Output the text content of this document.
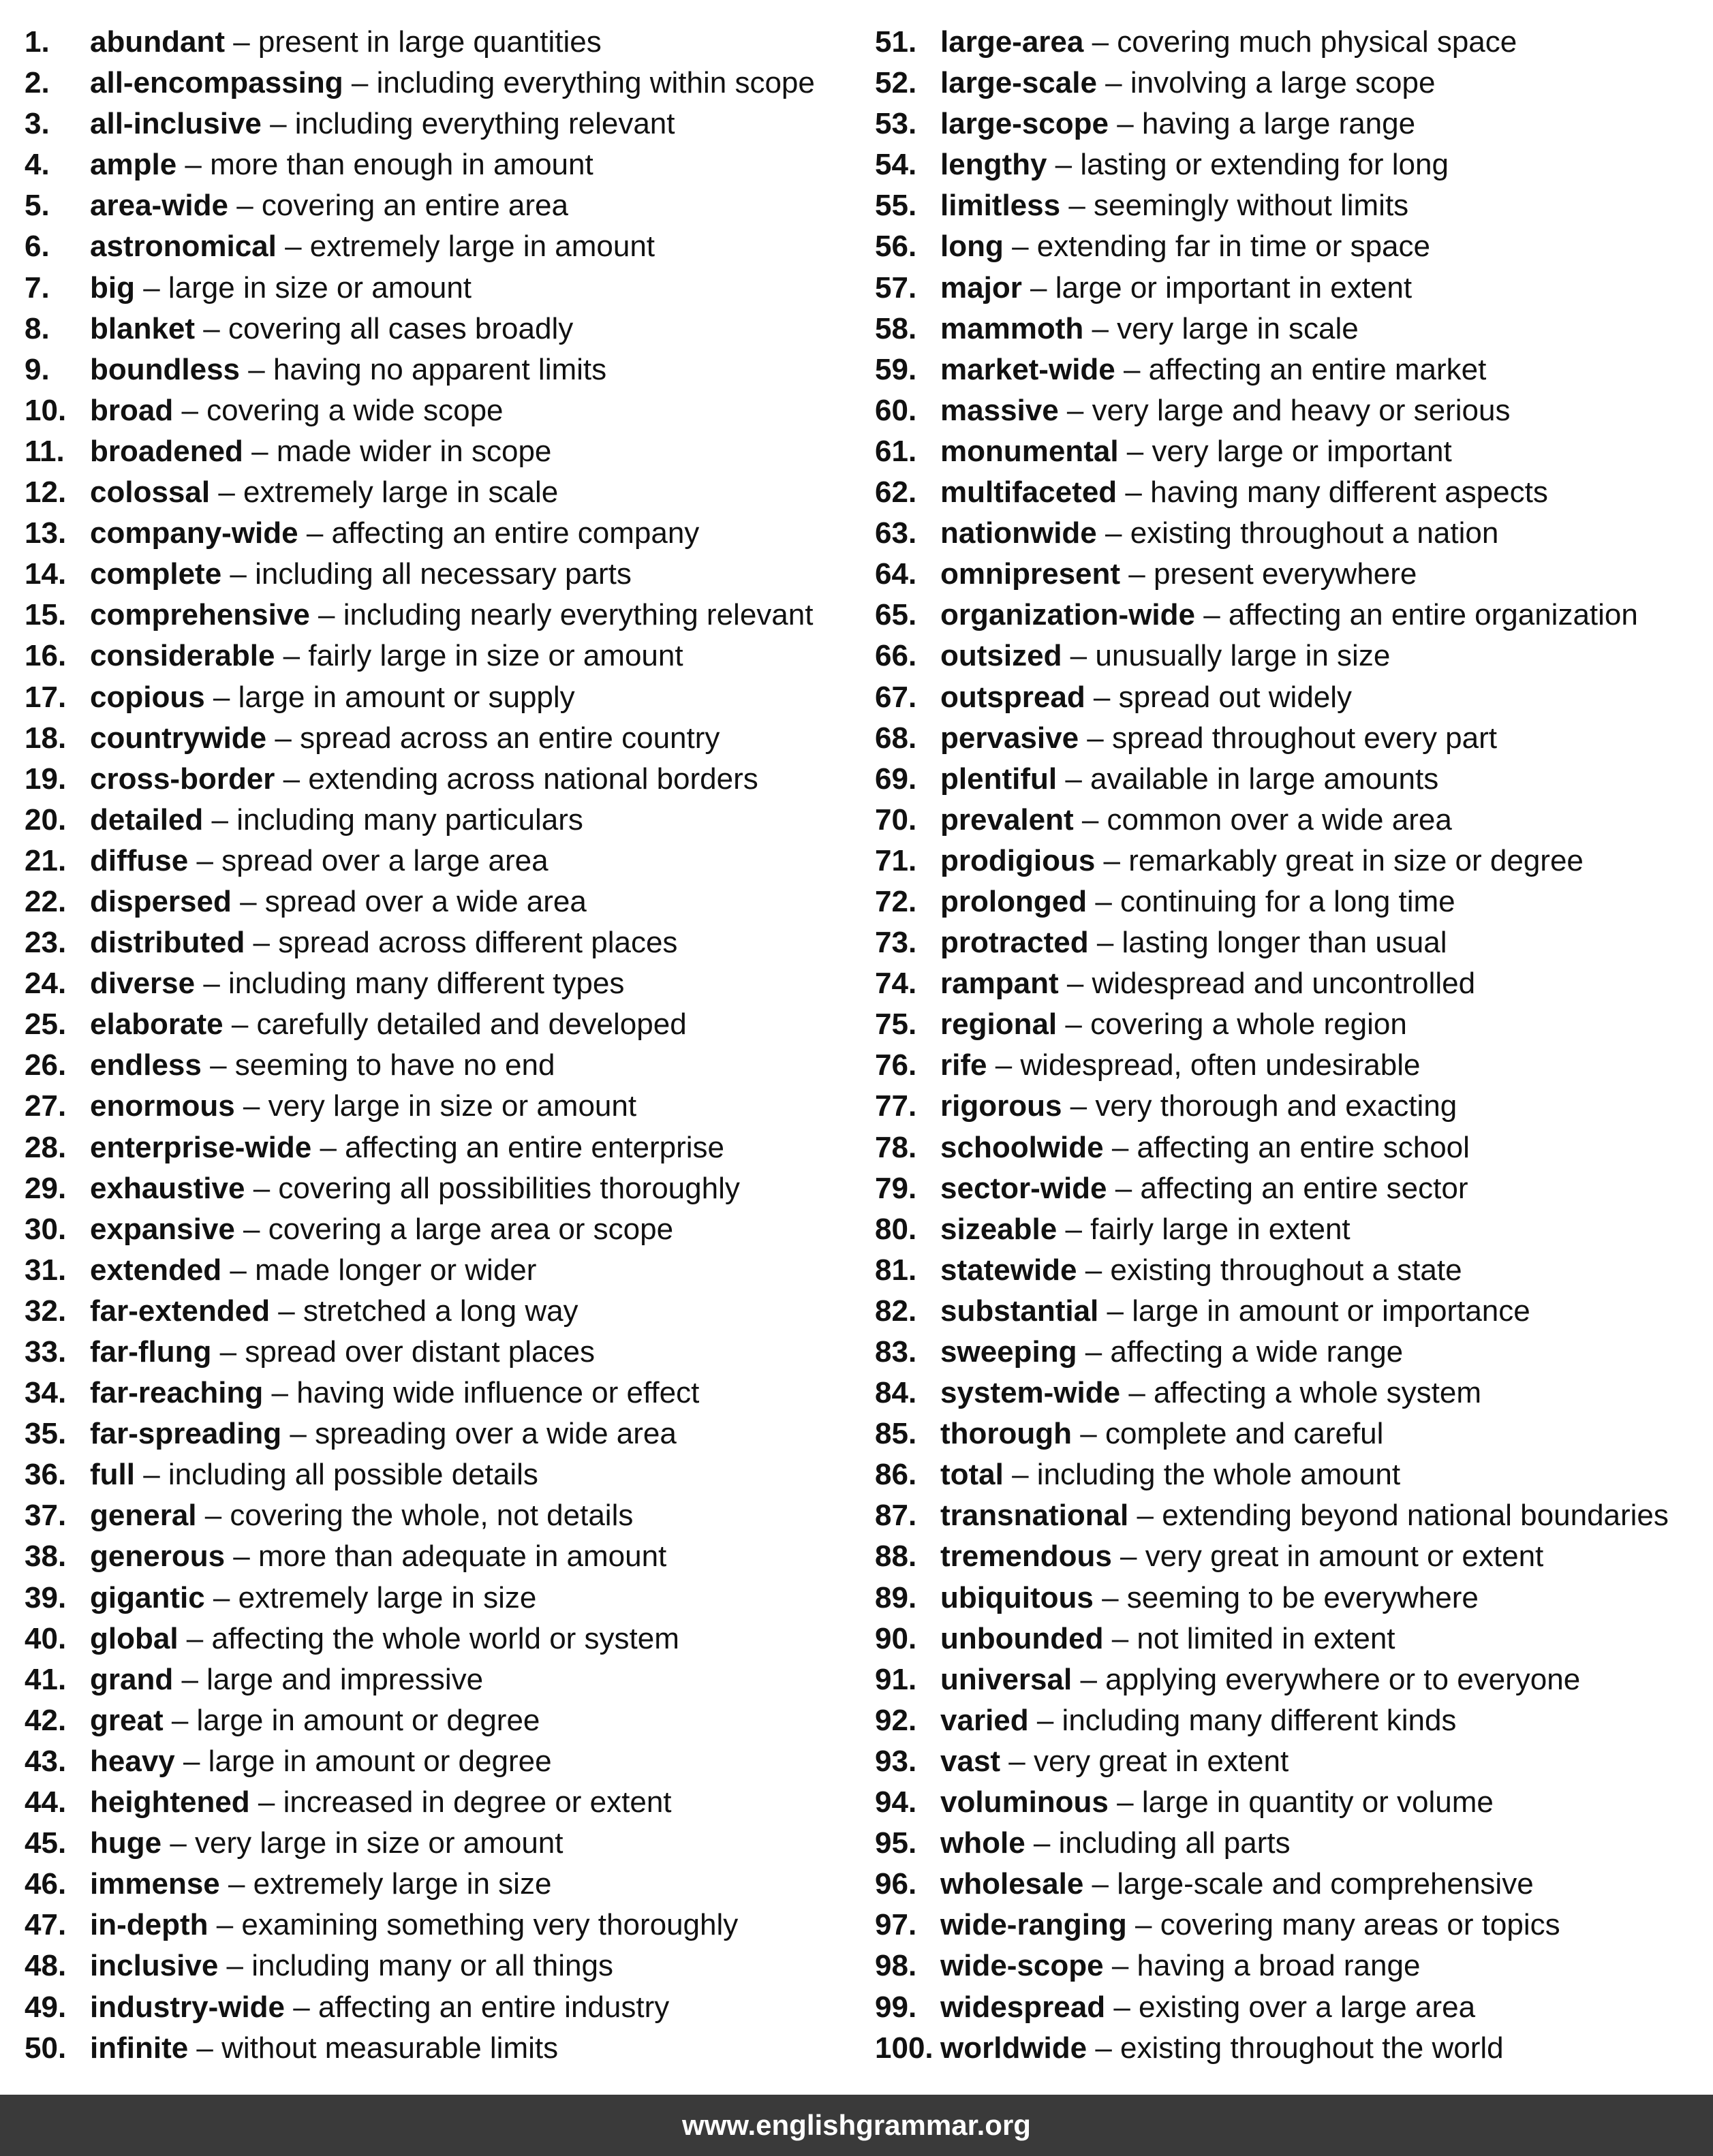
1. abundant – present in large quantities
2. all-encompassing – including everything within scope
3. all-inclusive – including everything relevant
4. ample – more than enough in amount
5. area-wide – covering an entire area
6. astronomical – extremely large in amount
7. big – large in size or amount
8. blanket – covering all cases broadly
9. boundless – having no apparent limits
10. broad – covering a wide scope
11. broadened – made wider in scope
12. colossal – extremely large in scale
13. company-wide – affecting an entire company
14. complete – including all necessary parts
15. comprehensive – including nearly everything relevant
16. considerable – fairly large in size or amount
17. copious – large in amount or supply
18. countrywide – spread across an entire country
19. cross-border – extending across national borders
20. detailed – including many particulars
21. diffuse – spread over a large area
22. dispersed – spread over a wide area
23. distributed – spread across different places
24. diverse – including many different types
25. elaborate – carefully detailed and developed
26. endless – seeming to have no end
27. enormous – very large in size or amount
28. enterprise-wide – affecting an entire enterprise
29. exhaustive – covering all possibilities thoroughly
30. expansive – covering a large area or scope
31. extended – made longer or wider
32. far-extended – stretched a long way
33. far-flung – spread over distant places
34. far-reaching – having wide influence or effect
35. far-spreading – spreading over a wide area
36. full – including all possible details
37. general – covering the whole, not details
38. generous – more than adequate in amount
39. gigantic – extremely large in size
40. global – affecting the whole world or system
41. grand – large and impressive
42. great – large in amount or degree
43. heavy – large in amount or degree
44. heightened – increased in degree or extent
45. huge – very large in size or amount
46. immense – extremely large in size
47. in-depth – examining something very thoroughly
48. inclusive – including many or all things
49. industry-wide – affecting an entire industry
50. infinite – without measurable limits
51. large-area – covering much physical space
52. large-scale – involving a large scope
53. large-scope – having a large range
54. lengthy – lasting or extending for long
55. limitless – seemingly without limits
56. long – extending far in time or space
57. major – large or important in extent
58. mammoth – very large in scale
59. market-wide – affecting an entire market
60. massive – very large and heavy or serious
61. monumental – very large or important
62. multifaceted – having many different aspects
63. nationwide – existing throughout a nation
64. omnipresent – present everywhere
65. organization-wide – affecting an entire organization
66. outsized – unusually large in size
67. outspread – spread out widely
68. pervasive – spread throughout every part
69. plentiful – available in large amounts
70. prevalent – common over a wide area
71. prodigious – remarkably great in size or degree
72. prolonged – continuing for a long time
73. protracted – lasting longer than usual
74. rampant – widespread and uncontrolled
75. regional – covering a whole region
76. rife – widespread, often undesirable
77. rigorous – very thorough and exacting
78. schoolwide – affecting an entire school
79. sector-wide – affecting an entire sector
80. sizeable – fairly large in extent
81. statewide – existing throughout a state
82. substantial – large in amount or importance
83. sweeping – affecting a wide range
84. system-wide – affecting a whole system
85. thorough – complete and careful
86. total – including the whole amount
87. transnational – extending beyond national boundaries
88. tremendous – very great in amount or extent
89. ubiquitous – seeming to be everywhere
90. unbounded – not limited in extent
91. universal – applying everywhere or to everyone
92. varied – including many different kinds
93. vast – very great in extent
94. voluminous – large in quantity or volume
95. whole – including all parts
96. wholesale – large-scale and comprehensive
97. wide-ranging – covering many areas or topics
98. wide-scope – having a broad range
99. widespread – existing over a large area
100. worldwide – existing throughout the world
www.englishgrammar.org
